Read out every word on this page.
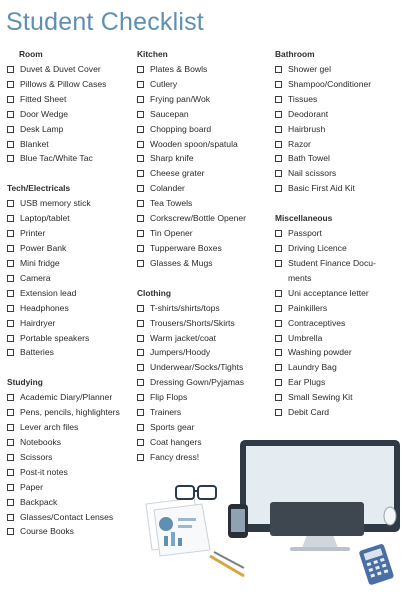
Student Checklist
Room
Duvet & Duvet Cover
Pillows & Pillow Cases
Fitted Sheet
Door Wedge
Desk Lamp
Blanket
Blue Tac/White Tac
Tech/Electricals
USB memory stick
Laptop/tablet
Printer
Power Bank
Mini fridge
Camera
Extension lead
Headphones
Hairdryer
Portable speakers
Batteries
Studying
Academic Diary/Planner
Pens, pencils, highlighters
Lever arch files
Notebooks
Scissors
Post-it notes
Paper
Backpack
Glasses/Contact Lenses
Course Books
Kitchen
Plates & Bowls
Cutlery
Frying pan/Wok
Saucepan
Chopping board
Wooden spoon/spatula
Sharp knife
Cheese grater
Colander
Tea Towels
Corkscrew/Bottle Opener
Tin Opener
Tupperware Boxes
Glasses & Mugs
Clothing
T-shirts/shirts/tops
Trousers/Shorts/Skirts
Warm jacket/coat
Jumpers/Hoody
Underwear/Socks/Tights
Dressing Gown/Pyjamas
Flip Flops
Trainers
Sports gear
Coat hangers
Fancy dress!
Bathroom
Shower gel
Shampoo/Conditioner
Tissues
Deodorant
Hairbrush
Razor
Bath Towel
Nail scissors
Basic First Aid Kit
Miscellaneous
Passport
Driving Licence
Student Finance Docu- ments
Uni acceptance letter
Painkillers
Contraceptives
Umbrella
Washing powder
Laundry Bag
Ear Plugs
Small Sewing Kit
Debit Card
